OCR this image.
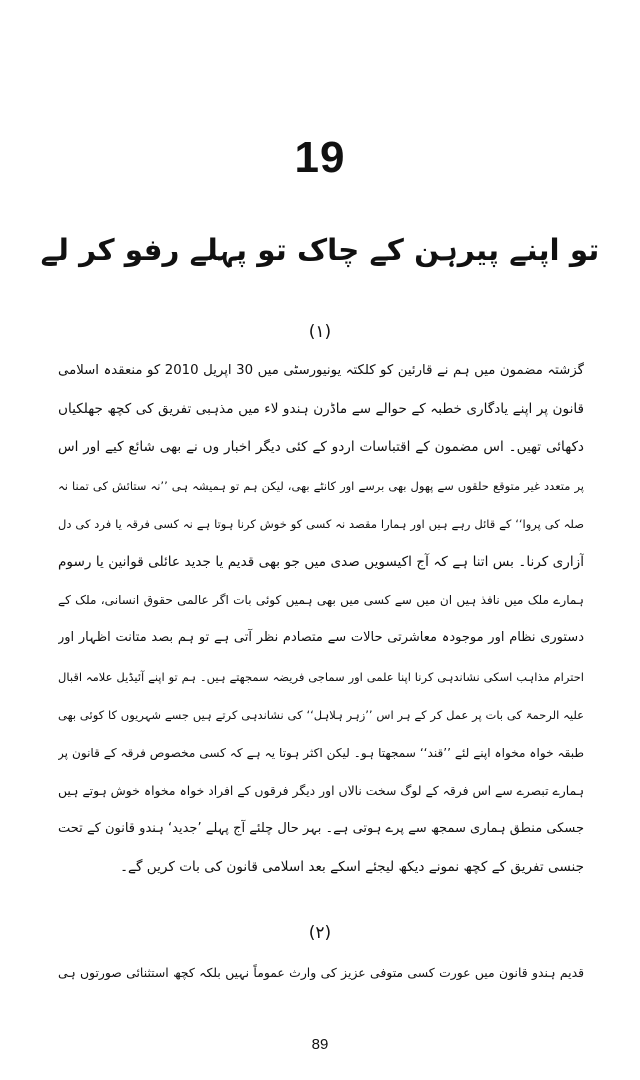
19
تو اپنے پیرہن کے چاک تو پہلے رفو کر لے
(۱)
گزشتہ مضمون میں ہم نے قارئین کو کلکتہ یونیورسٹی میں 30 اپریل 2010 کو منعقدہ اسلامی
قانون پر اپنے یادگاری خطبہ کے حوالے سے ماڈرن ہندو لاء میں مذہبی تفریق کی کچھ جھلکیاں
دکھائی تھیں۔ اس مضمون کے اقتباسات اردو کے کئی دیگر اخبار وں نے بھی شائع کیے اور اس
پر متعدد غیر متوقع حلقوں سے پھول بھی برسے اور کانٹے بھی، لیکن ہم تو ہمیشہ ہی ’’نہ ستائش کی تمنا نہ
صلہ کی پروا‘‘ کے قائل رہے ہیں اور ہمارا مقصد نہ کسی کو خوش کرنا ہوتا ہے نہ کسی فرقہ یا فرد کی دل
آزاری کرنا۔ بس اتنا ہے کہ آج اکیسویں صدی میں جو بھی قدیم یا جدید عائلی قوانین یا رسوم
ہمارے ملک میں نافذ ہیں ان میں سے کسی میں بھی ہمیں کوئی بات اگر عالمی حقوق انسانی، ملک کے
دستوری نظام اور موجودہ معاشرتی حالات سے متصادم نظر آتی ہے تو ہم بصد متانت اظہار اور
احترام مذاہب اسکی نشاندہی کرنا اپنا علمی اور سماجی فریضہ سمجھتے ہیں۔ ہم تو اپنے آئیڈیل علامہ اقبال
علیہ الرحمۃ کی بات پر عمل کر کے ہر اس ’’زہر ہلاہل‘‘ کی نشاندہی کرتے ہیں جسے شہریوں کا کوئی بھی
طبقہ خواہ مخواہ اپنے لئے ’’قند‘‘ سمجھتا ہو۔ لیکن اکثر ہوتا یہ ہے کہ کسی مخصوص فرقہ کے قانون پر
ہمارے تبصرے سے اس فرقہ کے لوگ سخت نالاں اور دیگر فرقوں کے افراد خواہ مخواہ خوش ہوتے ہیں
جسکی منطق ہماری سمجھ سے پرے ہوتی ہے۔ بہر حال چلئے آج پہلے ’جدید‘ ہندو قانون کے تحت
جنسی تفریق کے کچھ نمونے دیکھ لیجئے اسکے بعد اسلامی قانون کی بات کریں گے۔
(۲)
قدیم ہندو قانون میں عورت کسی متوفی عزیز کی وارث عموماً نہیں بلکہ کچھ استثنائی صورتوں ہی
89
